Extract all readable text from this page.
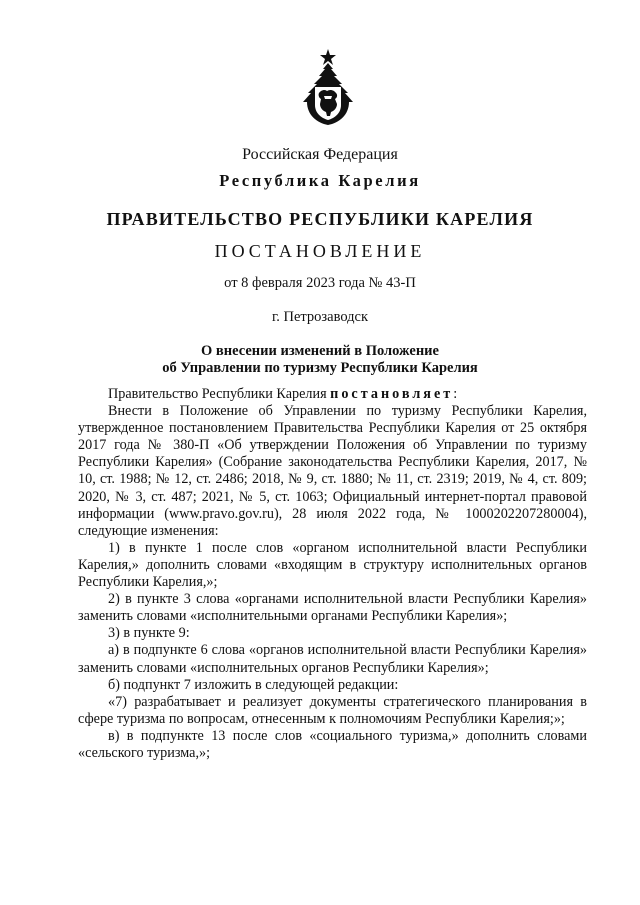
Российская Федерация
Республика Карелия
ПРАВИТЕЛЬСТВО РЕСПУБЛИКИ КАРЕЛИЯ
ПОСТАНОВЛЕНИЕ
от 8 февраля 2023 года № 43-П
г. Петрозаводск
О внесении изменений в Положение
об Управлении по туризму Республики Карелия

Правительство Республики Карелия постановляет:

Внести в Положение об Управлении по туризму Республики Карелия, утвержденное постановлением Правительства Республики Карелия от 25 октября 2017 года № 380-П «Об утверждении Положения об Управлении по туризму Республики Карелия» (Собрание законодательства Республики Карелия, 2017, № 10, ст. 1988; № 12, ст. 2486; 2018, № 9, ст. 1880; № 11, ст. 2319; 2019, № 4, ст. 809; 2020, № 3, ст. 487; 2021, № 5, ст. 1063; Официальный интернет-портал правовой информации (www.pravo.gov.ru), 28 июля 2022 года, № 1000202207280004), следующие изменения:

1) в пункте 1 после слов «органом исполнительной власти Республики Карелия,» дополнить словами «входящим в структуру исполнительных органов Республики Карелия,»;

2) в пункте 3 слова «органами исполнительной власти Республики Карелия» заменить словами «исполнительными органами Республики Карелия»;

3) в пункте 9:

а) в подпункте 6 слова «органов исполнительной власти Республики Карелия» заменить словами «исполнительных органов Республики Карелия»;

б) подпункт 7 изложить в следующей редакции:

«7) разрабатывает и реализует документы стратегического планирования в сфере туризма по вопросам, отнесенным к полномочиям Республики Карелия;»;

в) в подпункте 13 после слов «социального туризма,» дополнить словами «сельского туризма,»;
